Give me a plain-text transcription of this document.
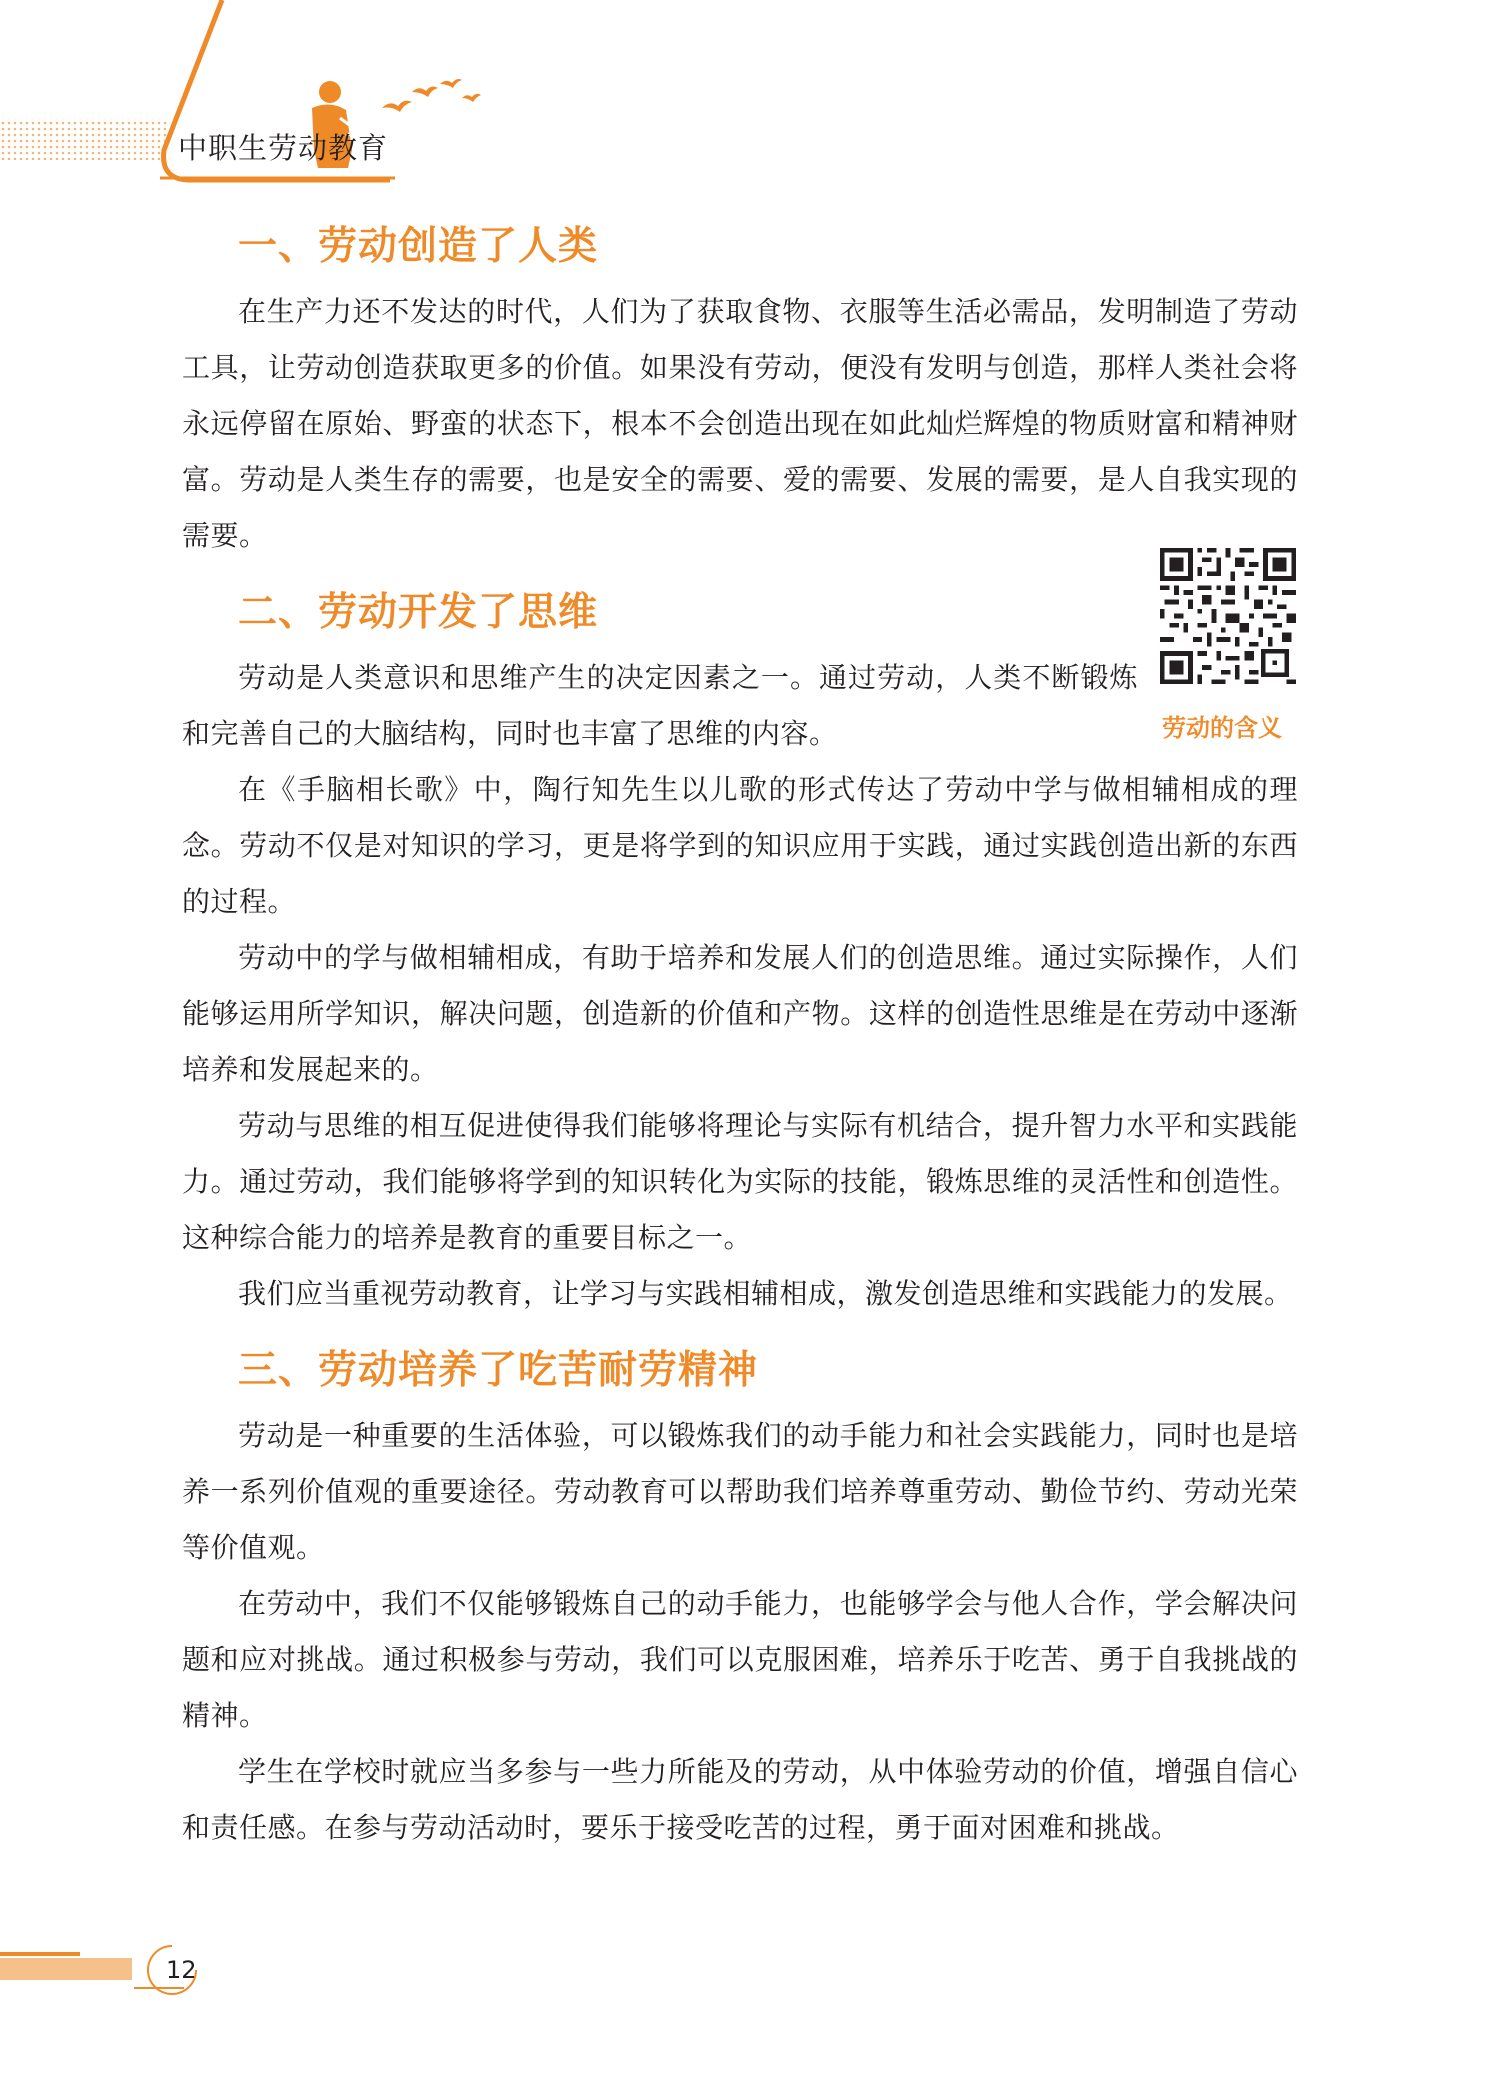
中职生劳动教育
一、劳动创造了人类

在生产力还不发达的时代，人们为了获取食物、衣服等生活必需品，发明制造了劳动工具，让劳动创造获取更多的价值。如果没有劳动，便没有发明与创造，那样人类社会将永远停留在原始、野蛮的状态下，根本不会创造出现在如此灿烂辉煌的物质财富和精神财富。劳动是人类生存的需要，也是安全的需要、爱的需要、发展的需要，是人自我实现的需要。

二、劳动开发了思维

劳动是人类意识和思维产生的决定因素之一。通过劳动，人类不断锻炼和完善自己的大脑结构，同时也丰富了思维的内容。

在《手脑相长歌》中，陶行知先生以儿歌的形式传达了劳动中学与做相辅相成的理念。劳动不仅是对知识的学习，更是将学到的知识应用于实践，通过实践创造出新的东西的过程。

劳动中的学与做相辅相成，有助于培养和发展人们的创造思维。通过实际操作，人们能够运用所学知识，解决问题，创造新的价值和产物。这样的创造性思维是在劳动中逐渐培养和发展起来的。

劳动与思维的相互促进使得我们能够将理论与实际有机结合，提升智力水平和实践能力。通过劳动，我们能够将学到的知识转化为实际的技能，锻炼思维的灵活性和创造性。这种综合能力的培养是教育的重要目标之一。

我们应当重视劳动教育，让学习与实践相辅相成，激发创造思维和实践能力的发展。

三、劳动培养了吃苦耐劳精神

劳动是一种重要的生活体验，可以锻炼我们的动手能力和社会实践能力，同时也是培养一系列价值观的重要途径。劳动教育可以帮助我们培养尊重劳动、勤俭节约、劳动光荣等价值观。

在劳动中，我们不仅能够锻炼自己的动手能力，也能够学会与他人合作，学会解决问题和应对挑战。通过积极参与劳动，我们可以克服困难，培养乐于吃苦、勇于自我挑战的精神。

学生在学校时就应当多参与一些力所能及的劳动，从中体验劳动的价值，增强自信心和责任感。在参与劳动活动时，要乐于接受吃苦的过程，勇于面对困难和挑战。

劳动的含义
12
